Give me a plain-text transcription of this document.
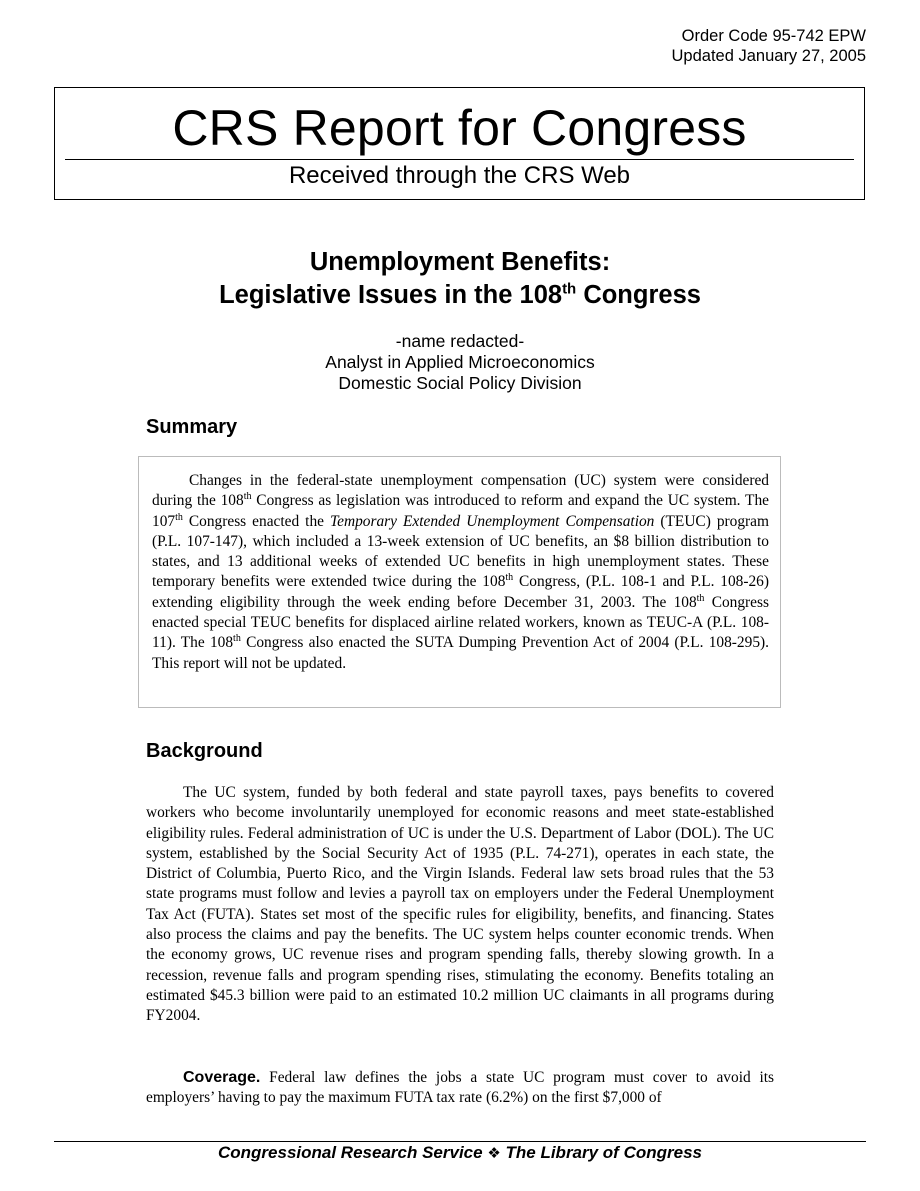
Order Code 95-742 EPW
Updated January 27, 2005
CRS Report for Congress
Received through the CRS Web
Unemployment Benefits:
Legislative Issues in the 108th Congress
-name redacted-
Analyst in Applied Microeconomics
Domestic Social Policy Division
Summary

Changes in the federal-state unemployment compensation (UC) system were considered during the 108th Congress as legislation was introduced to reform and expand the UC system. The 107th Congress enacted the Temporary Extended Unemployment Compensation (TEUC) program (P.L. 107-147), which included a 13-week extension of UC benefits, an $8 billion distribution to states, and 13 additional weeks of extended UC benefits in high unemployment states. These temporary benefits were extended twice during the 108th Congress, (P.L. 108-1 and P.L. 108-26) extending eligibility through the week ending before December 31, 2003. The 108th Congress enacted special TEUC benefits for displaced airline related workers, known as TEUC-A (P.L. 108-11). The 108th Congress also enacted the SUTA Dumping Prevention Act of 2004 (P.L. 108-295). This report will not be updated.

Background

The UC system, funded by both federal and state payroll taxes, pays benefits to covered workers who become involuntarily unemployed for economic reasons and meet state-established eligibility rules. Federal administration of UC is under the U.S. Department of Labor (DOL). The UC system, established by the Social Security Act of 1935 (P.L. 74-271), operates in each state, the District of Columbia, Puerto Rico, and the Virgin Islands. Federal law sets broad rules that the 53 state programs must follow and levies a payroll tax on employers under the Federal Unemployment Tax Act (FUTA). States set most of the specific rules for eligibility, benefits, and financing. States also process the claims and pay the benefits. The UC system helps counter economic trends. When the economy grows, UC revenue rises and program spending falls, thereby slowing growth. In a recession, revenue falls and program spending rises, stimulating the economy. Benefits totaling an estimated $45.3 billion were paid to an estimated 10.2 million UC claimants in all programs during FY2004.

Coverage. Federal law defines the jobs a state UC program must cover to avoid its employers’ having to pay the maximum FUTA tax rate (6.2%) on the first $7,000 of

Congressional Research Service ❖ The Library of Congress
